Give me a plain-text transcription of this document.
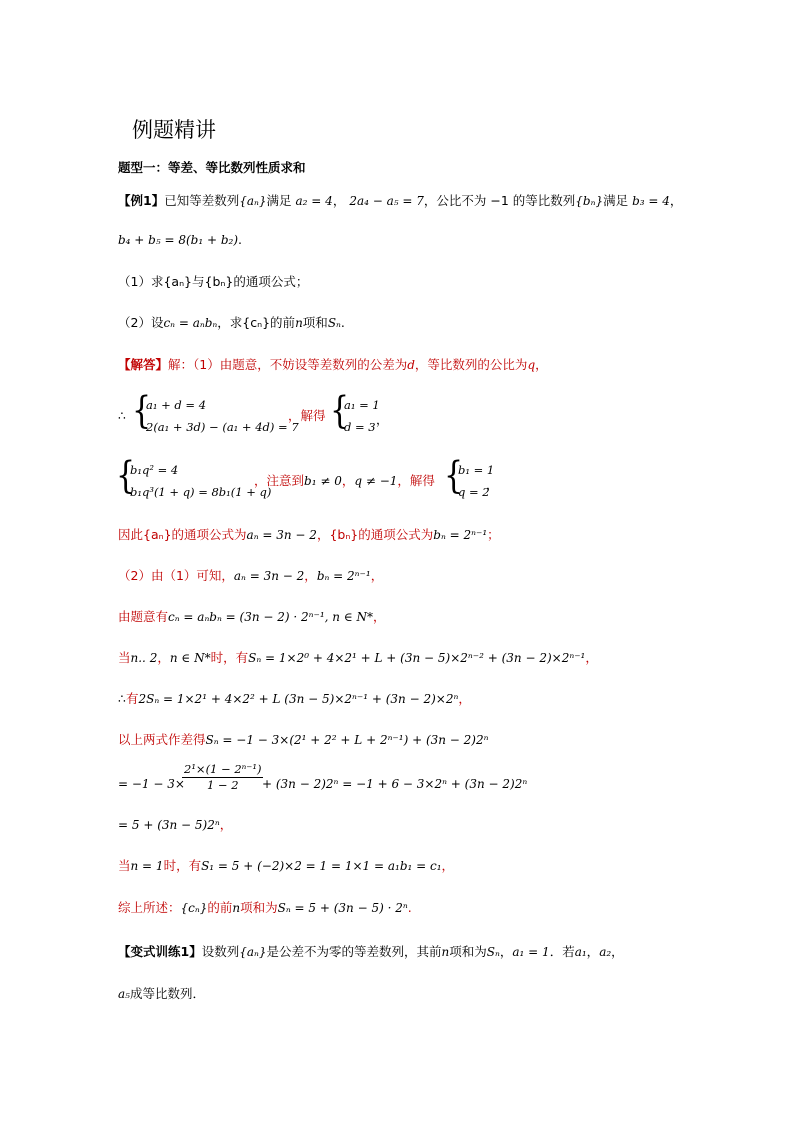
例题精讲
题型一：等差、等比数列性质求和
【例1】已知等差数列{aₙ}满足 a₂ = 4， 2a₄ − a₅ = 7，公比不为 −1 的等比数列{bₙ}满足 b₃ = 4，
b₄ + b₅ = 8(b₁ + b₂).
（1）求{aₙ}与{bₙ}的通项公式；
（2）设cₙ = aₙbₙ，求{cₙ}的前n项和Sₙ.
【解答】解：（1）由题意，不妨设等差数列的公差为d，等比数列的公比为q，
∴ {
a₁ + d = 4
2(a₁ + 3d) − (a₁ + 4d) = 7
，解得 {
a₁ = 1
d = 3 ，
{
b₁q² = 4
b₁q³(1 + q) = 8b₁(1 + q)
，注意到b₁ ≠ 0，q ≠ −1，解得 {
b₁ = 1
q = 2
，
因此{aₙ}的通项公式为aₙ = 3n − 2，{bₙ}的通项公式为bₙ = 2ⁿ⁻¹；
（2）由（1）可知，aₙ = 3n − 2，bₙ = 2ⁿ⁻¹，
由题意有cₙ = aₙbₙ = (3n − 2) · 2ⁿ⁻¹, n ∈ N*，
当n.. 2，n ∈ N*时，有Sₙ = 1×2⁰ + 4×2¹ + L + (3n − 5)×2ⁿ⁻² + (3n − 2)×2ⁿ⁻¹，
∴有2Sₙ = 1×2¹ + 4×2² + L (3n − 5)×2ⁿ⁻¹ + (3n − 2)×2ⁿ，
以上两式作差得Sₙ = −1 − 3×(2¹ + 2² + L + 2ⁿ⁻¹) + (3n − 2)2ⁿ
= −1 − 3×
$\frac{\text{2¹×(1 − 2ⁿ⁻¹)}}{1 - 2}$
+ (3n − 2)2ⁿ = −1 + 6 − 3×2ⁿ + (3n − 2)2ⁿ
= 5 + (3n − 5)2ⁿ，
当n = 1时，有S₁ = 5 + (−2)×2 = 1 = 1×1 = a₁b₁ = c₁，
综上所述：{cₙ}的前n项和为Sₙ = 5 + (3n − 5) · 2ⁿ.
【变式训练1】设数列{aₙ}是公差不为零的等差数列，其前n项和为Sₙ，a₁ = 1．若a₁，a₂，
a₅成等比数列．
